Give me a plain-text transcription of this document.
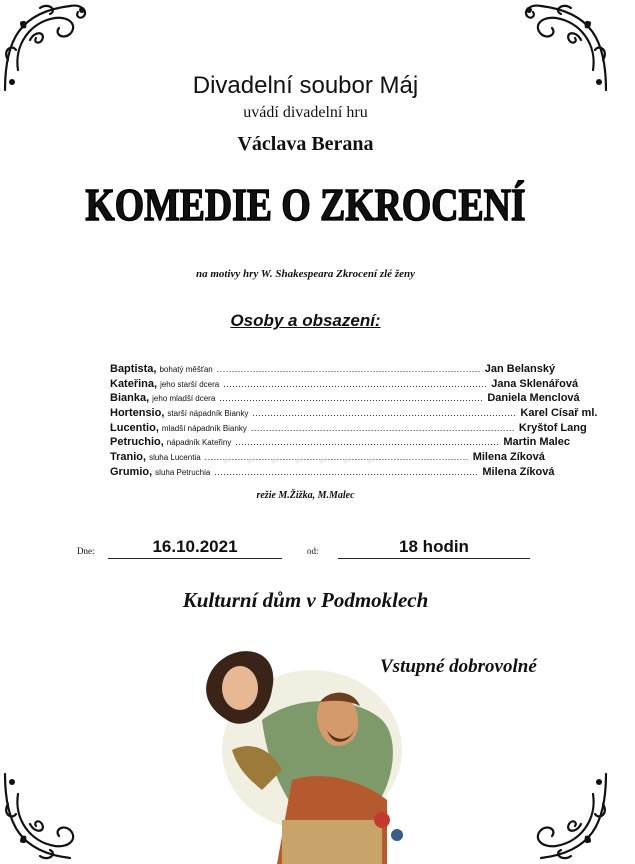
Divadelní soubor Máj
uvádí divadelní hru
Václava Berana
KOMEDIE O ZKROCENÍ
na motivy hry W. Shakespeara Zkrocení zlé ženy
Osoby a obsazení:
Baptista, bohatý měšťan ........................................................................................ Jan Belanský
Kateřina, jeho starší dcera ........................................................................................ Jana Sklenářová
Bianka, jeho mladší dcera ........................................................................................ Daniela Menclová
Hortensio, starší nápadník Bianky ........................................................................................ Karel Císař ml.
Lucentio, mladší nápadník Bianky ........................................................................................ Kryštof Lang
Petruchio, nápadník Kateřiny ........................................................................................ Martin Malec
Tranio, sluha Lucentia ........................................................................................ Milena Zíková
Grumio, sluha Petruchia ........................................................................................ Milena Zíková
režie M.Žižka, M.Malec
Dne:	16.10.2021	od:	18 hodin
Kulturní dům v Podmoklech
Vstupné dobrovolné
